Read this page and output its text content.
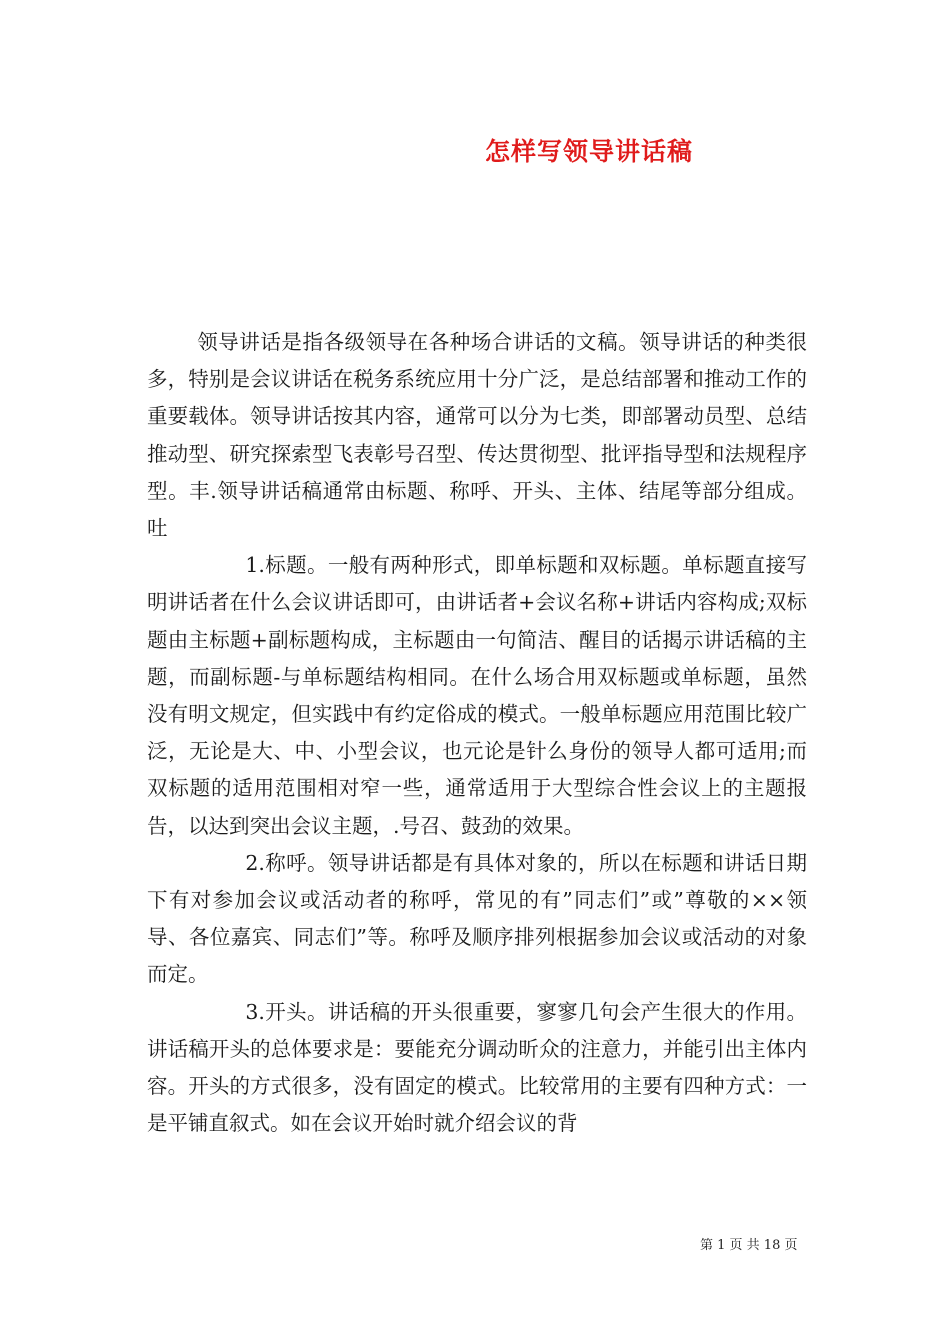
怎样写领导讲话稿

领导讲话是指各级领导在各种场合讲话的文稿。领导讲话的种类很多，特别是会议讲话在税务系统应用十分广泛，是总结部署和推动工作的重要载体。领导讲话按其内容，通常可以分为七类，即部署动员型、总结推动型、研究探索型飞表彰号召型、传达贯彻型、批评指导型和法规程序型。丰.领导讲话稿通常由标题、称呼、开头、主体、结尾等部分组成。吐

1.标题。一般有两种形式，即单标题和双标题。单标题直接写明讲话者在什么会议讲话即可，由讲话者+会议名称+讲话内容构成;双标题由主标题+副标题构成，主标题由一句简洁、醒目的话揭示讲话稿的主题，而副标题-与单标题结构相同。在什么场合用双标题或单标题，虽然没有明文规定，但实践中有约定俗成的模式。一般单标题应用范围比较广泛，无论是大、中、小型会议，也元论是针么身份的领导人都可适用;而双标题的适用范围相对窄一些，通常适用于大型综合性会议上的主题报告，以达到突出会议主题，.号召、鼓劲的效果。

2.称呼。领导讲话都是有具体对象的，所以在标题和讲话日期下有对参加会议或活动者的称呼，常见的有”同志们”或”尊敬的××领导、各位嘉宾、同志们”等。称呼及顺序排列根据参加会议或活动的对象而定。

3.开头。讲话稿的开头很重要，寥寥几句会产生很大的作用。讲话稿开头的总体要求是：要能充分调动昕众的注意力，并能引出主体内容。开头的方式很多，没有固定的模式。比较常用的主要有四种方式：一是平铺直叙式。如在会议开始时就介绍会议的背

第 1 页 共 18 页
